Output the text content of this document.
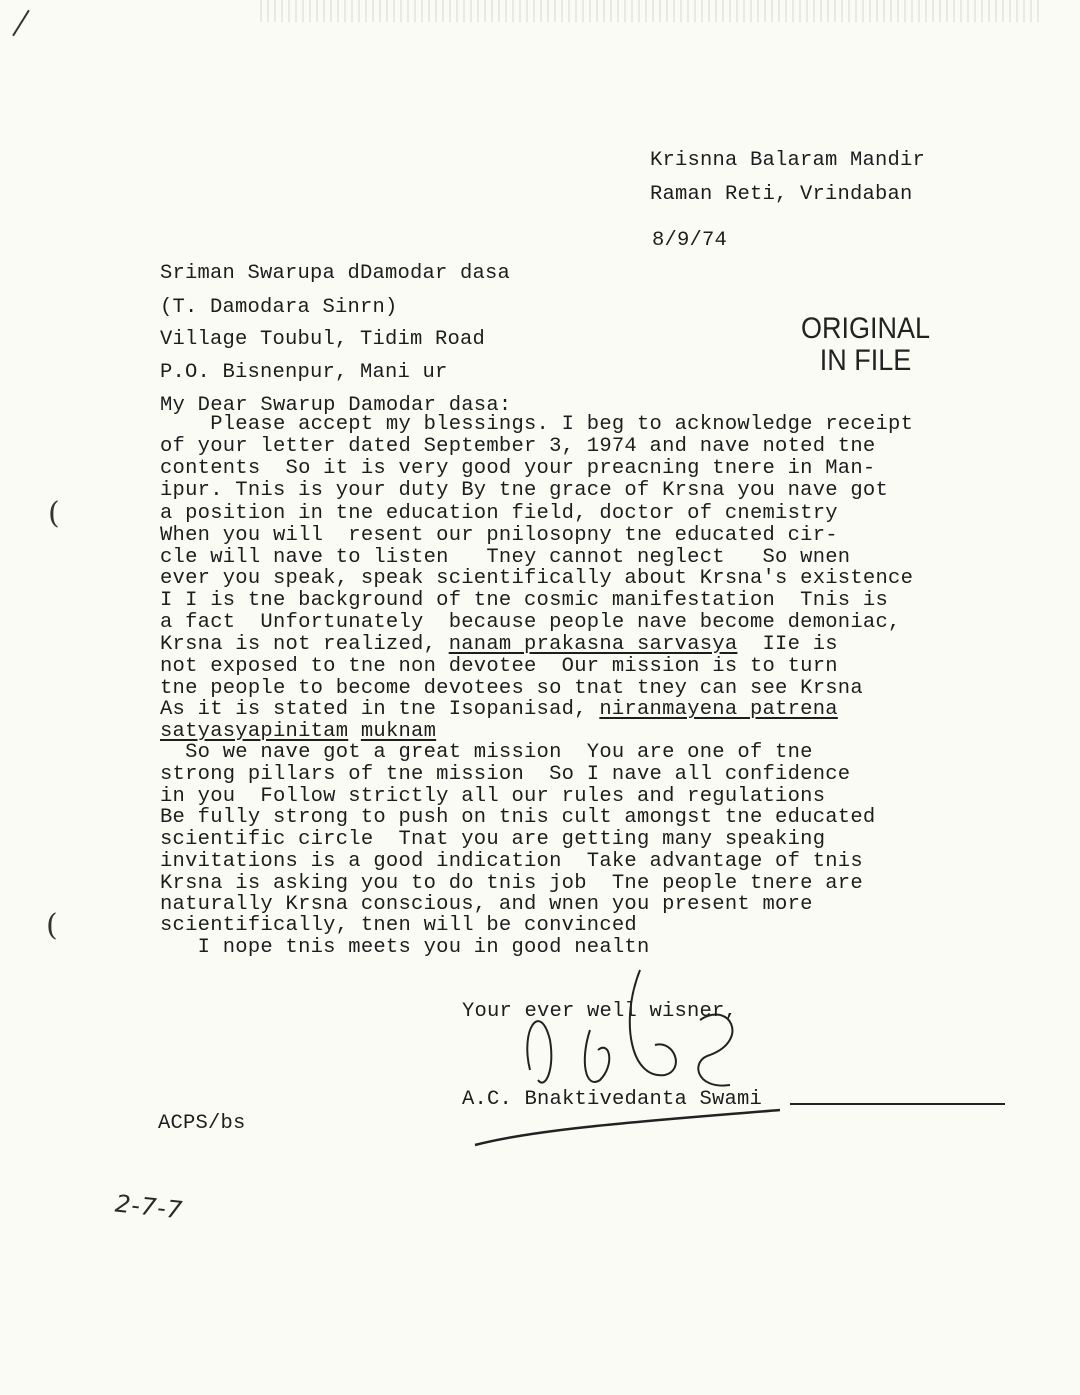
Krisnna Balaram Mandir
Raman Reti, Vrindaban
8/9/74
Sriman Swarupa dDamodar dasa
(T. Damodara Sinrn)
Village Toubul, Tidim Road
P.O. Bisnenpur, Mani ur
ORIGINAL
IN FILE
My Dear Swarup Damodar dasa:
Please accept my blessings. I beg to acknowledge receipt
of your letter dated September 3, 1974 and nave noted tne
contents  So it is very good your preacning tnere in Man-
ipur. Tnis is your duty By tne grace of Krsna you nave got
a position in tne education field, doctor of cnemistry
When you will  resent our pnilosopny tne educated cir-
cle will nave to listen   Tney cannot neglect   So wnen
ever you speak, speak scientifically about Krsna's existence
I I is tne background of tne cosmic manifestation  Tnis is
a fact  Unfortunately  because people nave become demoniac,
Krsna is not realized, nanam prakasna sarvasya  IIe is
not exposed to tne non devotee  Our mission is to turn
tne people to become devotees so tnat tney can see Krsna
As it is stated in tne Isopanisad, niranmayena patrena
satyasyapinitam muknam
So we nave got a great mission  You are one of tne
strong pillars of tne mission  So I nave all confidence
in you  Follow strictly all our rules and regulations
Be fully strong to push on tnis cult amongst tne educated
scientific circle  Tnat you are getting many speaking
invitations is a good indication  Take advantage of tnis
Krsna is asking you to do tnis job  Tne people tnere are
naturally Krsna conscious, and wnen you present more
scientifically, tnen will be convinced
I nope tnis meets you in good nealtn
(
(
Your ever well wisner,
A.C. Bnaktivedanta Swami
ACPS/bs
2-7-7
